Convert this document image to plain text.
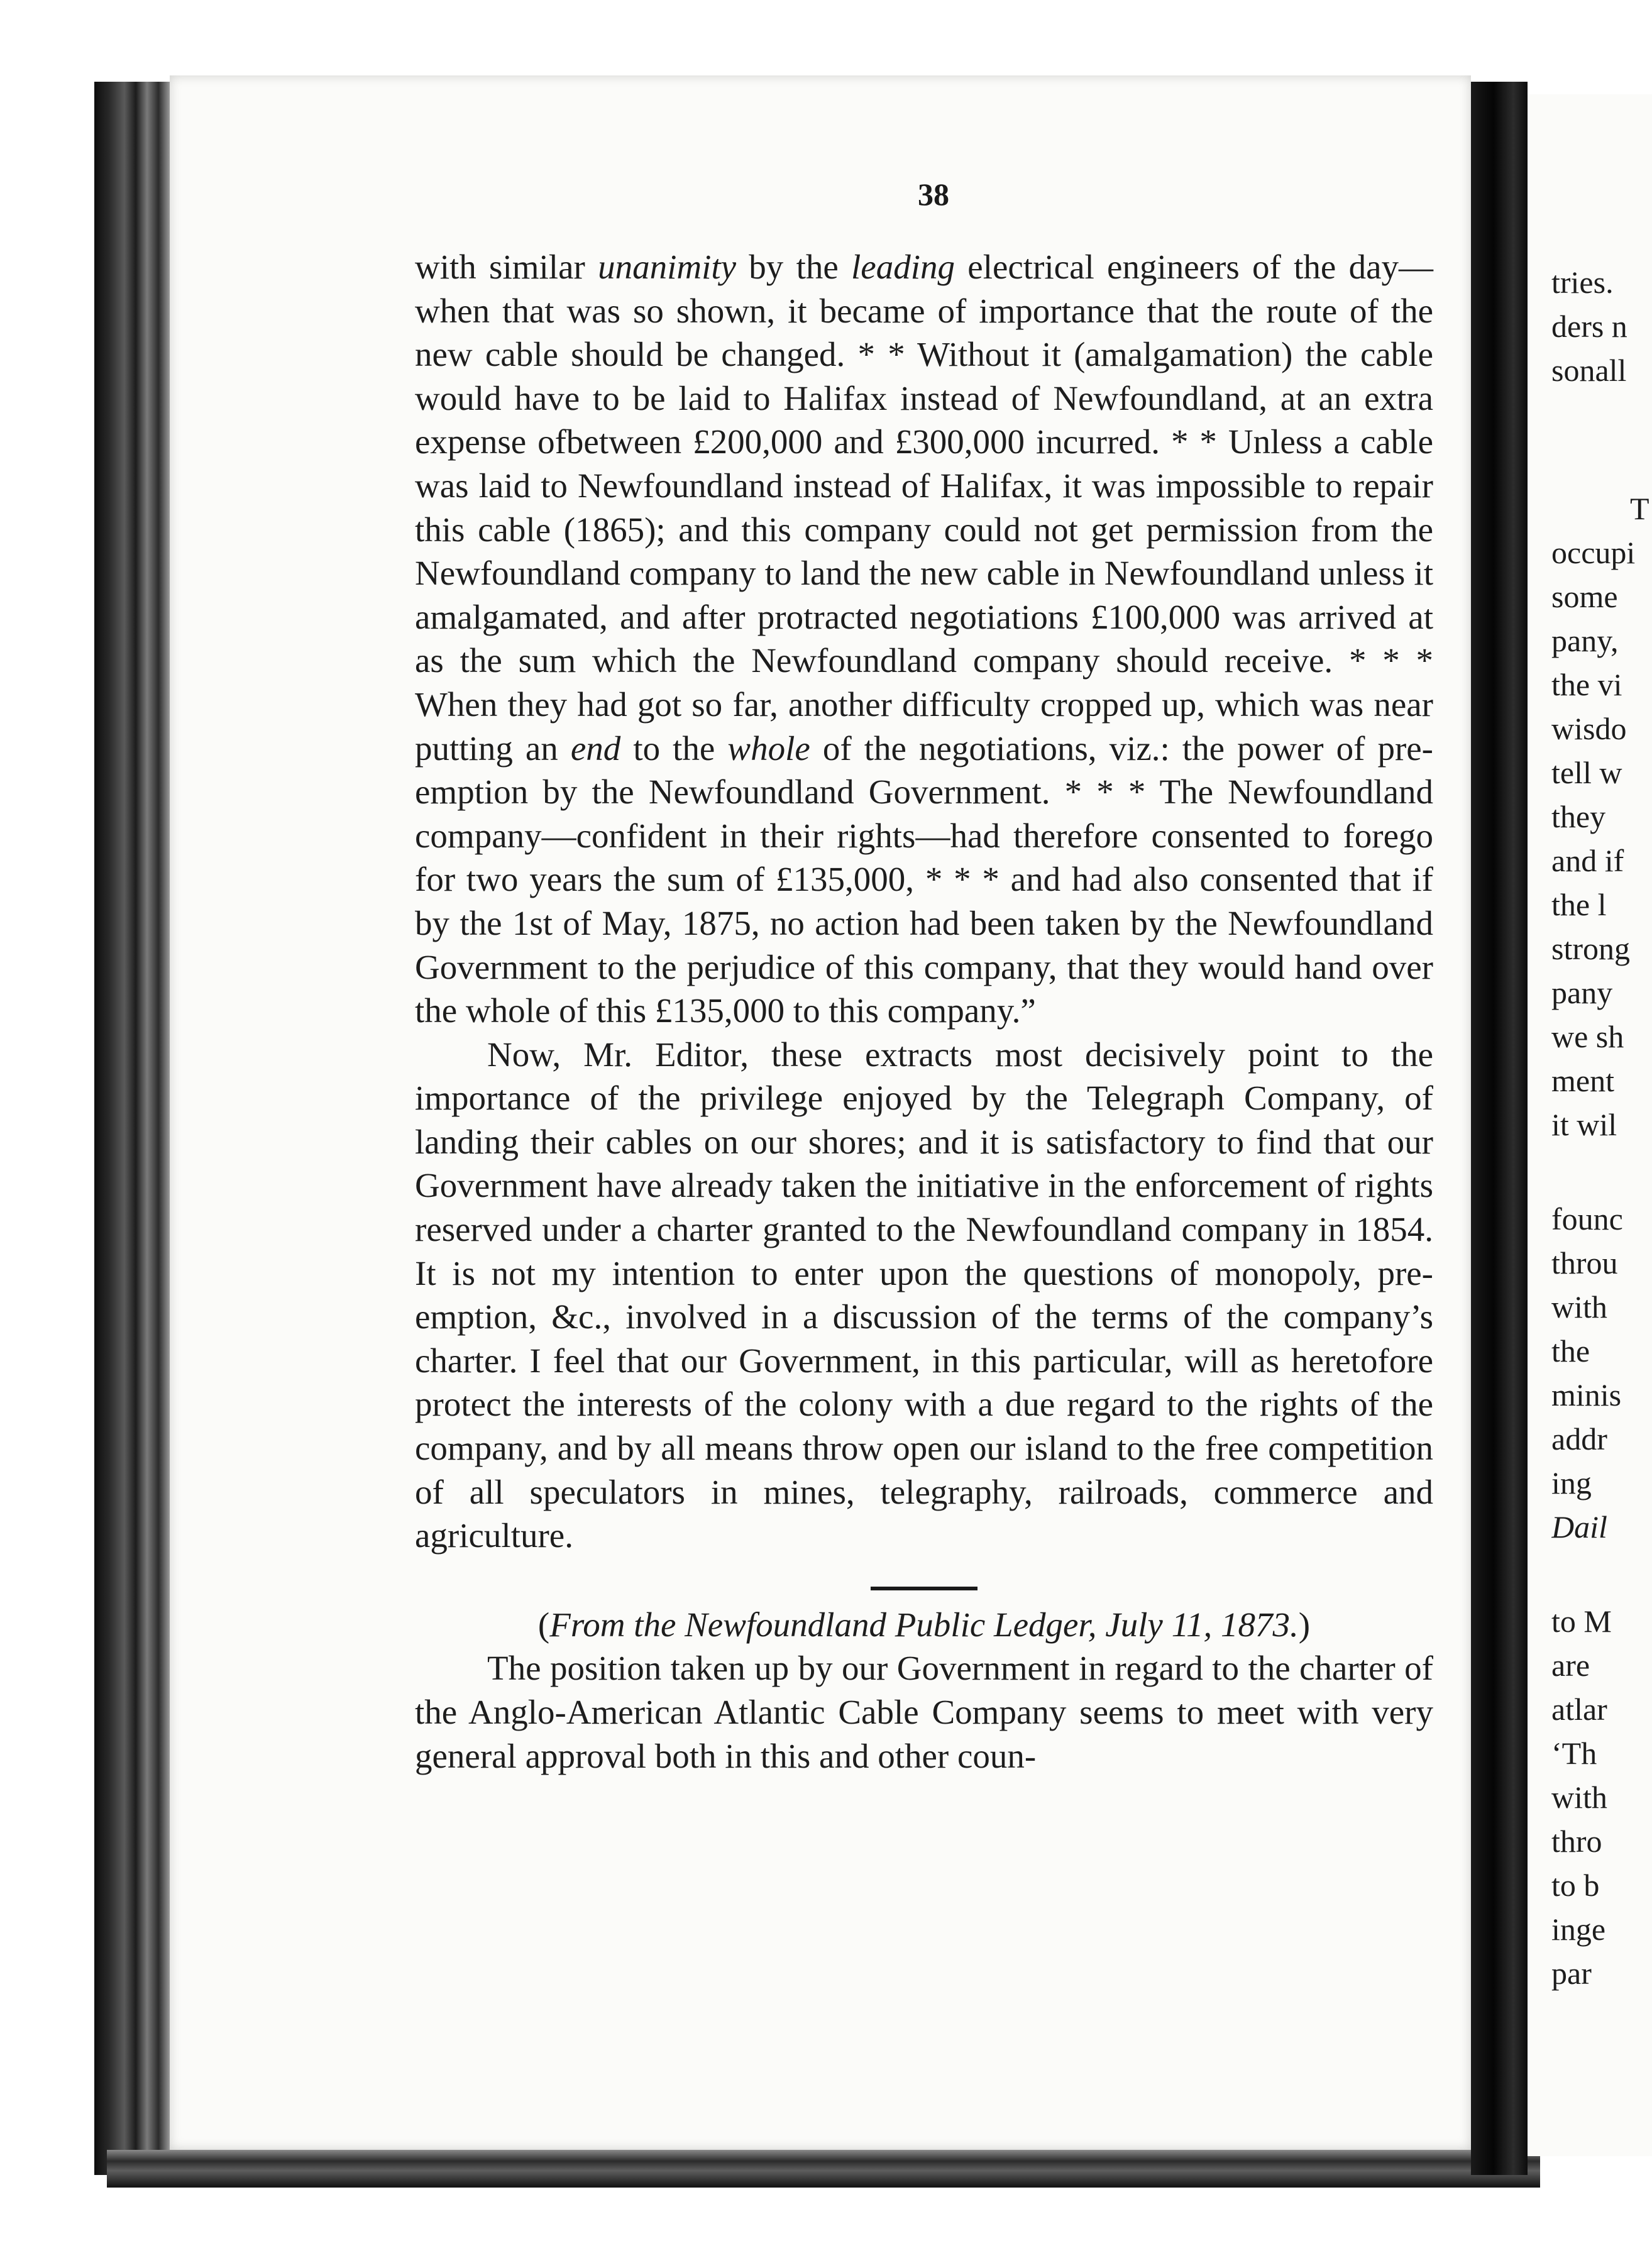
38

with similar unanimity by the leading electrical engineers of the day—when that was so shown, it became of importance that the route of the new cable should be changed. * * Without it (amalgamation) the cable would have to be laid to Halifax instead of Newfoundland, at an extra expense ofbetween £200,000 and £300,000 incurred. * * Unless a cable was laid to Newfoundland instead of Halifax, it was impossible to repair this cable (1865); and this company could not get permission from the Newfoundland company to land the new cable in Newfoundland unless it amalgamated, and after protracted negotiations £100,000 was arrived at as the sum which the Newfoundland company should receive. * * * When they had got so far, another difficulty cropped up, which was near putting an end to the whole of the negotiations, viz.: the power of pre-emption by the Newfoundland Government. * * * The Newfoundland company—confident in their rights—had therefore consented to forego for two years the sum of £135,000, * * * and had also consented that if by the 1st of May, 1875, no action had been taken by the Newfoundland Government to the perjudice of this company, that they would hand over the whole of this £135,000 to this company.”

Now, Mr. Editor, these extracts most decisively point to the importance of the privilege enjoyed by the Telegraph Company, of landing their cables on our shores; and it is satisfactory to find that our Government have already taken the initiative in the enforcement of rights reserved under a charter granted to the Newfoundland company in 1854. It is not my intention to enter upon the questions of monopoly, pre-emption, &c., involved in a discussion of the terms of the company’s charter. I feel that our Government, in this particular, will as heretofore protect the interests of the colony with a due regard to the rights of the company, and by all means throw open our island to the free competition of all speculators in mines, telegraphy, railroads, commerce and agriculture.

(From the Newfoundland Public Ledger, July 11, 1873.)

The position taken up by our Government in regard to the charter of the Anglo-American Atlantic Cable Company seems to meet with very general approval both in this and other coun-

tries.
ders n
sonall
T
occupi
some
pany,
the vi
wisdo
tell w
they
and if
the l
strong
pany
we sh
ment
it wil
founc
throu
with
the
minis
addr
ing
Dail
to M
are
atlar
‘Th
with
thro
to b
inge
par
